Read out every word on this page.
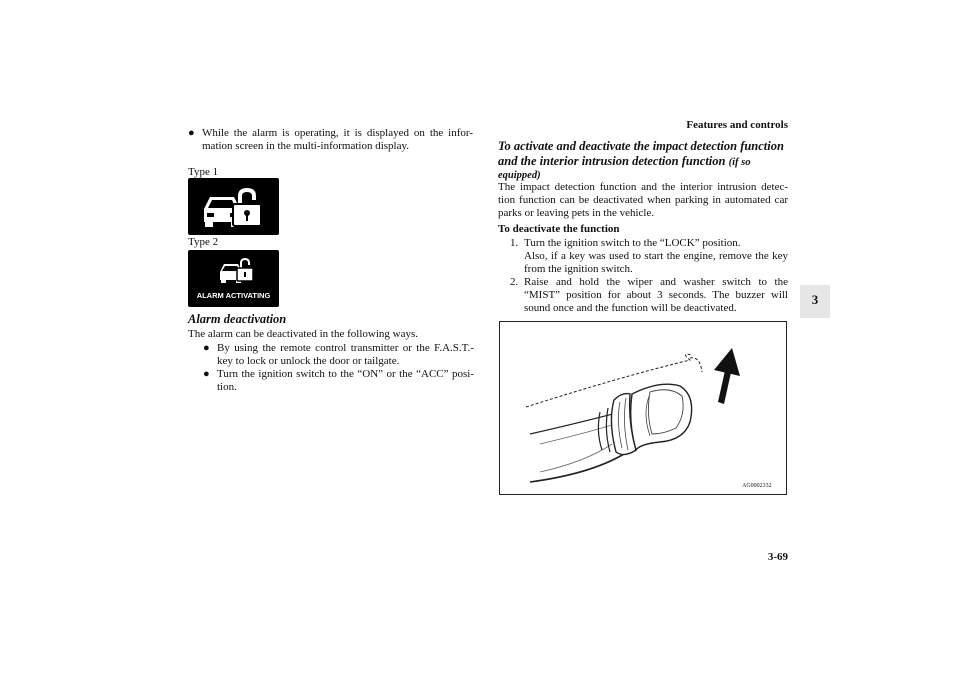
Features and controls
3
● While the alarm is operating, it is displayed on the infor-
mation screen in the multi-information display.
Type 1
Type 2
ALARM ACTIVATING
Alarm deactivation
The alarm can be deactivated in the following ways.
● By using the remote control transmitter or the F.A.S.T.-
key to lock or unlock the door or tailgate.
● Turn the ignition switch to the “ON” or the “ACC” posi-
tion.
To activate and deactivate the impact detection function
and the interior intrusion detection function (if so
equipped)
The impact detection function and the interior intrusion detec-
tion function can be deactivated when parking in automated car
parks or leaving pets in the vehicle.
To deactivate the function
1. Turn the ignition switch to the “LOCK” position.
Also, if a key was used to start the engine, remove the key
from the ignition switch.
2. Raise and hold the wiper and washer switch to the
“MIST” position for about 3 seconds. The buzzer will
sound once and the function will be deactivated.
AG0002332
3-69
